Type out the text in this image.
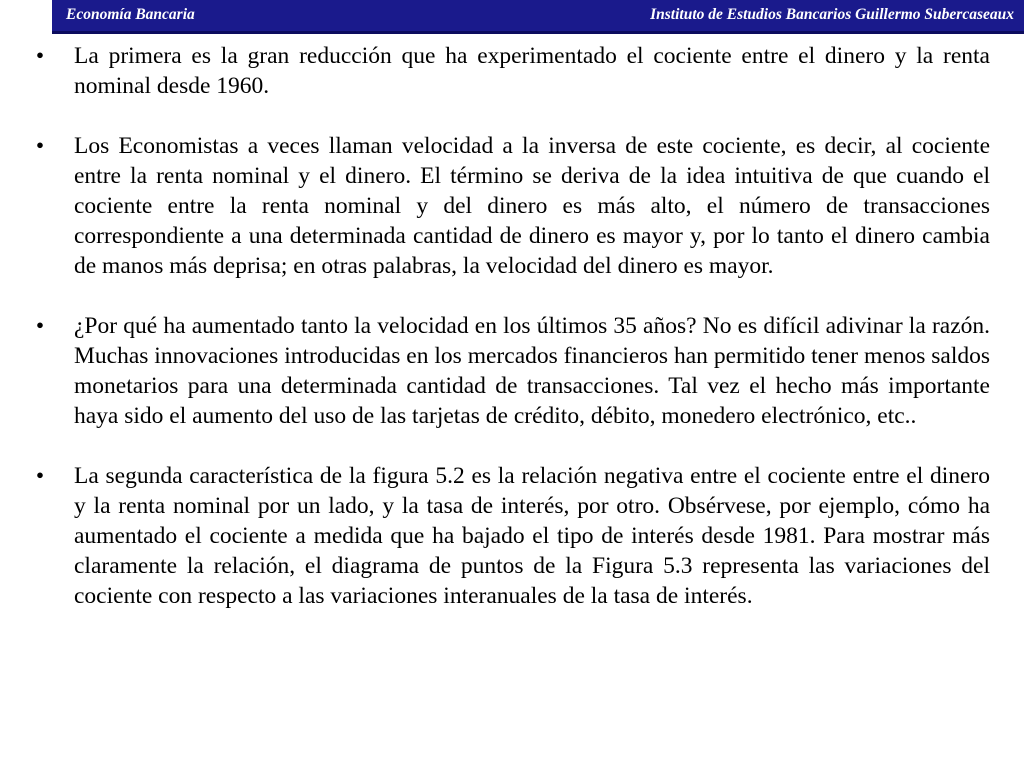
Economía Bancaria	Instituto de Estudios Bancarios Guillermo Subercaseaux
• La primera es la gran reducción que ha experimentado el cociente entre el dinero y la renta nominal desde 1960.
• Los Economistas a veces llaman velocidad a la inversa de este cociente, es decir, al cociente entre la renta nominal y el dinero. El término se deriva de la idea intuitiva de que cuando el cociente entre la renta nominal y del dinero es más alto, el número de transacciones correspondiente a una determinada cantidad de dinero es mayor y, por lo tanto el dinero cambia de manos más deprisa; en otras palabras, la velocidad del dinero es mayor.
• ¿Por qué ha aumentado tanto la velocidad en los últimos 35 años? No es difícil adivinar la razón. Muchas innovaciones introducidas en los mercados financieros han permitido tener menos saldos monetarios para una determinada cantidad de transacciones. Tal vez el hecho más importante haya sido el aumento del uso de las tarjetas de crédito, débito, monedero electrónico, etc..
• La segunda característica de la figura 5.2 es la relación negativa entre el cociente entre el dinero y la renta nominal por un lado, y la tasa de interés, por otro. Obsérvese, por ejemplo, cómo ha aumentado el cociente a medida que ha bajado el tipo de interés desde 1981. Para mostrar más claramente la relación, el diagrama de puntos de la Figura 5.3 representa las variaciones del cociente con respecto a las variaciones interanuales de la tasa de interés.
